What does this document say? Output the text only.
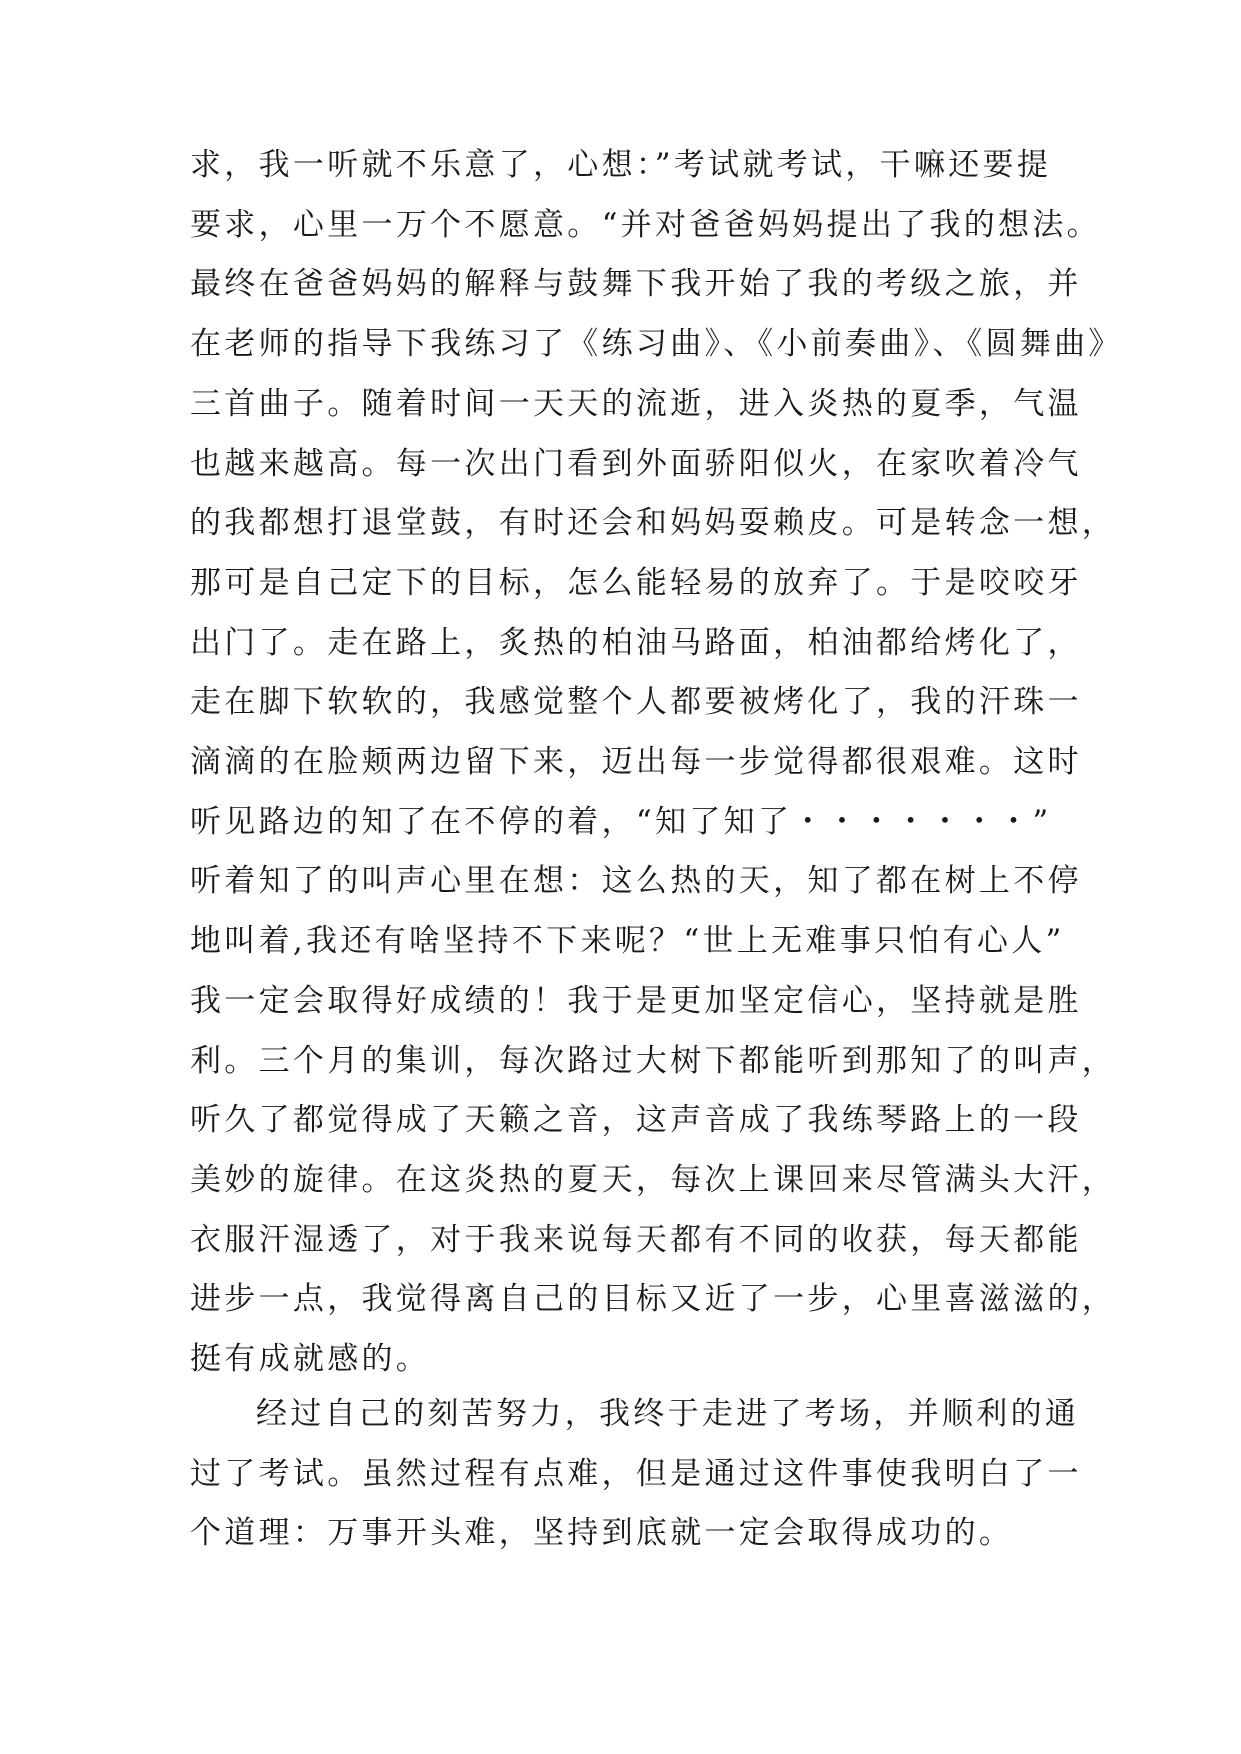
求，我一听就不乐意了，心想：”考试就考试，干嘛还要提
要求，心里一万个不愿意。“并对爸爸妈妈提出了我的想法。
最终在爸爸妈妈的解释与鼓舞下我开始了我的考级之旅，并
在老师的指导下我练习了《练习曲》、《小前奏曲》、《圆舞曲》
三首曲子。随着时间一天天的流逝，进入炎热的夏季，气温
也越来越高。每一次出门看到外面骄阳似火，在家吹着冷气
的我都想打退堂鼓，有时还会和妈妈耍赖皮。可是转念一想，
那可是自己定下的目标，怎么能轻易的放弃了。于是咬咬牙
出门了。走在路上，炙热的柏油马路面，柏油都给烤化了，
走在脚下软软的，我感觉整个人都要被烤化了，我的汗珠一
滴滴的在脸颊两边留下来，迈出每一步觉得都很艰难。这时
听见路边的知了在不停的着，“知了知了・・・・・・・”
听着知了的叫声心里在想：这么热的天，知了都在树上不停
地叫着,我还有啥坚持不下来呢？“世上无难事只怕有心人”
我一定会取得好成绩的！我于是更加坚定信心，坚持就是胜
利。三个月的集训，每次路过大树下都能听到那知了的叫声，
听久了都觉得成了天籁之音，这声音成了我练琴路上的一段
美妙的旋律。在这炎热的夏天，每次上课回来尽管满头大汗，
衣服汗湿透了，对于我来说每天都有不同的收获，每天都能
进步一点，我觉得离自己的目标又近了一步，心里喜滋滋的，
挺有成就感的。
经过自己的刻苦努力，我终于走进了考场，并顺利的通
过了考试。虽然过程有点难，但是通过这件事使我明白了一
个道理：万事开头难，坚持到底就一定会取得成功的。
